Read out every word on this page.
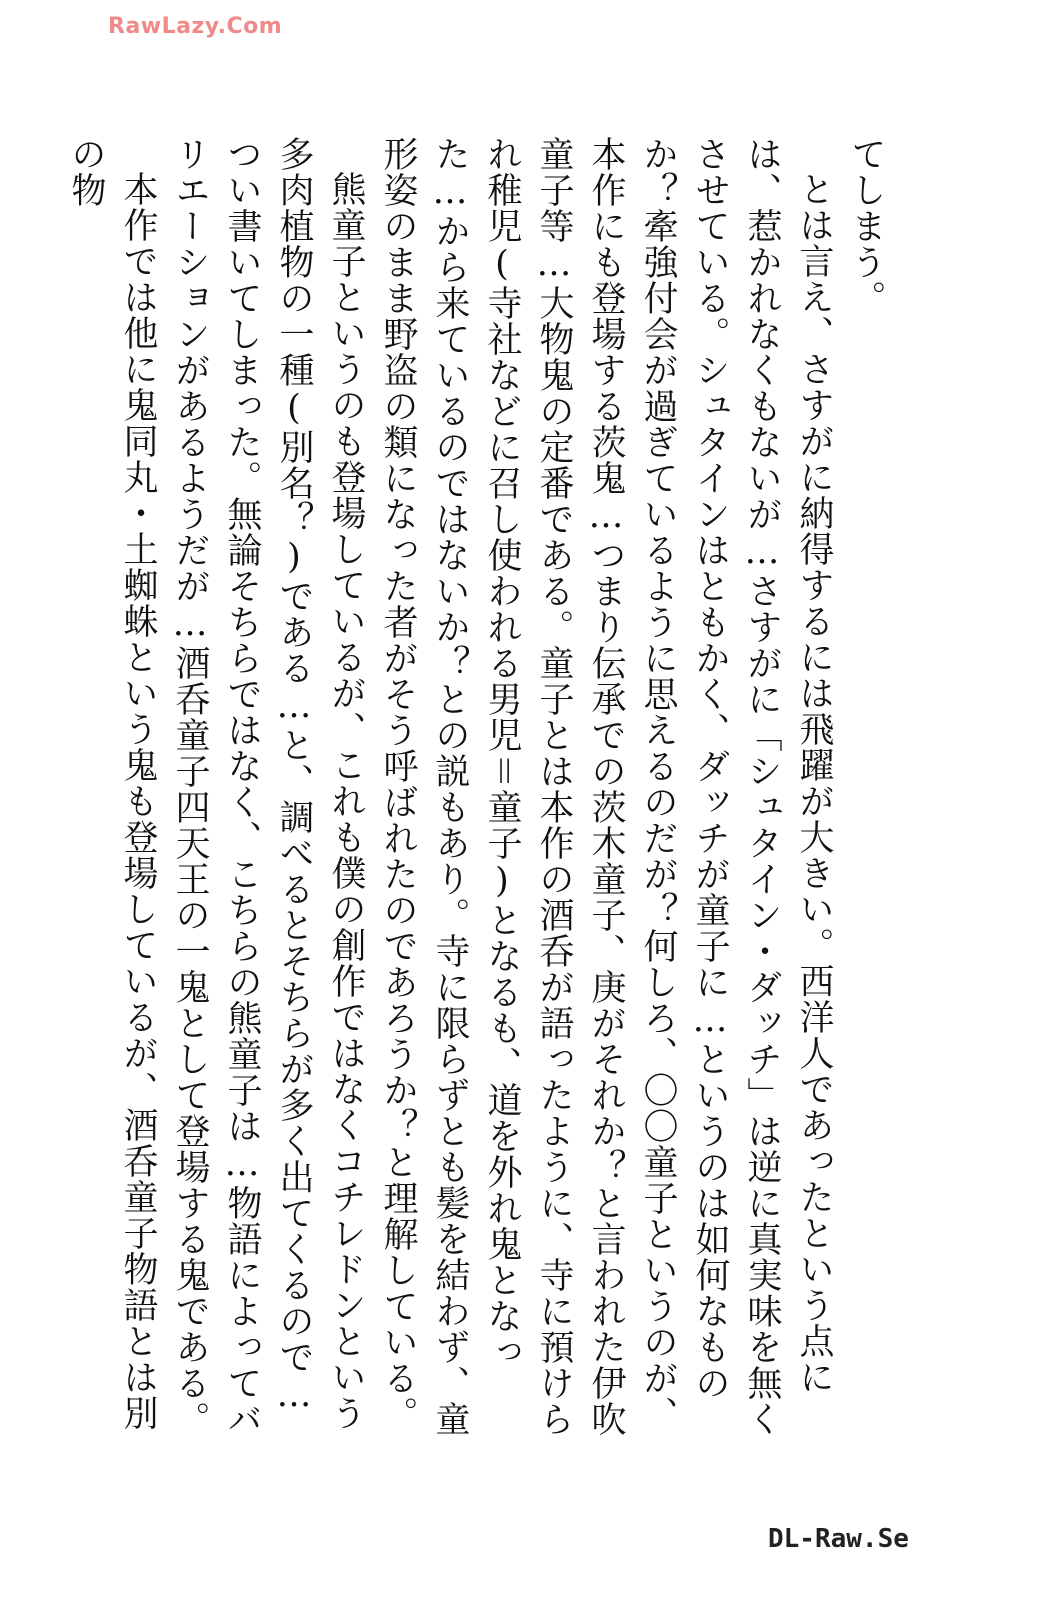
RawLazy.Com

てしまう。

とは言え、さすがに納得するには飛躍が大きい。西洋人であったという点には、惹かれなくもないが…さすがに「シュタイン・ダッチ」は逆に真実味を無くさせている。シュタインはともかく、ダッチが童子に…というのは如何なものか？牽強付会が過ぎているように思えるのだが？何しろ、〇〇童子というのが、本作にも登場する茨鬼…つまり伝承での茨木童子、庚がそれか？と言われた伊吹童子等…大物鬼の定番である。童子とは本作の酒呑が語ったように、寺に預けられ稚児(寺社などに召し使われる男児＝童子)となるも、道を外れ鬼となった…から来ているのではないか？との説もあり。寺に限らずとも髪を結わず、童形姿のまま野盗の類になった者がそう呼ばれたのであろうか？と理解している。

熊童子というのも登場しているが、これも僕の創作ではなくコチレドンという多肉植物の一種(別名？)である…と、調べるとそちらが多く出てくるので…つい書いてしまった。無論そちらではなく、こちらの熊童子は…物語によってバリエーションがあるようだが…酒呑童子四天王の一鬼として登場する鬼である。

本作では他に鬼同丸・土蜘蛛という鬼も登場しているが、酒呑童子物語とは別の物

DL-Raw.Se
